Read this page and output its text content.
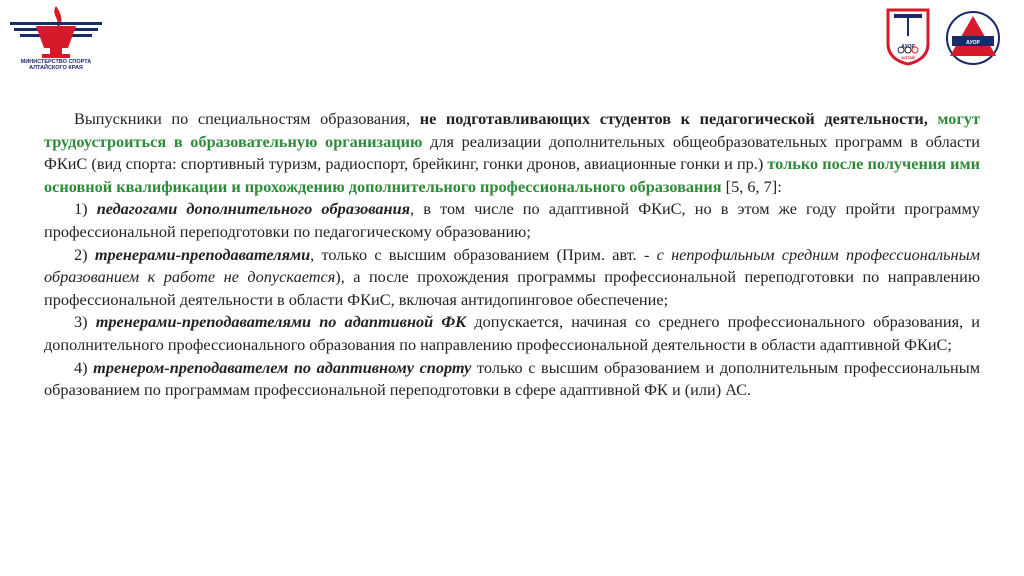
МИНИСТЕРСТВО СПОРТА
АЛТАЙСКОГО КРАЯ
АУОР
АЛТАЙ
АУОР

Выпускники по специальностям образования, не подготавливающих студентов к педагогической деятельности, могут трудоустроиться в образовательную организацию для реализации дополнительных общеобразовательных программ в области ФКиС (вид спорта: спортивный туризм, радиоспорт, брейкинг, гонки дронов, авиационные гонки и пр.) только после получения ими основной квалификации и прохождению дополнительного профессионального образования [5, 6, 7]:

1) педагогами дополнительного образования, в том числе по адаптивной ФКиС, но в этом же году пройти программу профессиональной переподготовки по педагогическому образованию;

2) тренерами-преподавателями, только с высшим образованием (Прим. авт. - с непрофильным средним профессиональным образованием к работе не допускается), а после прохождения программы профессиональной переподготовки по направлению профессиональной деятельности в области ФКиС, включая антидопинговое обеспечение;

3) тренерами-преподавателями по адаптивной ФК допускается, начиная со среднего профессионального образования, и дополнительного профессионального образования по направлению профессиональной деятельности в области адаптивной ФКиС;

4) тренером-преподавателем по адаптивному спорту только с высшим образованием и дополнительным профессиональным образованием по программам профессиональной переподготовки в сфере адаптивной ФК и (или) АС.
